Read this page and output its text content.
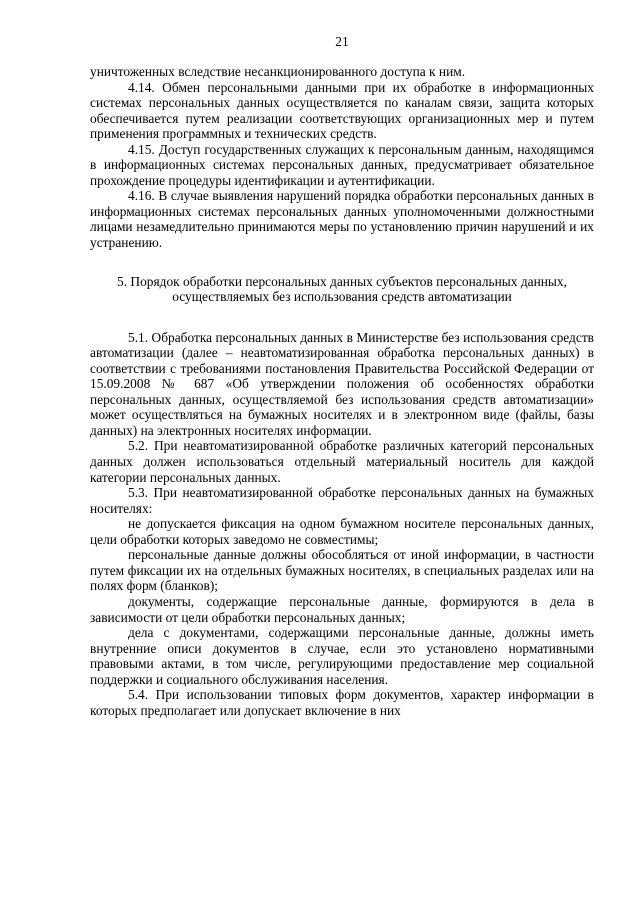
21

уничтоженных вследствие несанкционированного доступа к ним.

4.14. Обмен персональными данными при их обработке в информационных системах персональных данных осуществляется по каналам связи, защита которых обеспечивается путем реализации соответствующих организационных мер и путем применения программных и технических средств.

4.15. Доступ государственных служащих к персональным данным, находящимся в информационных системах персональных данных, предусматривает обязательное прохождение процедуры идентификации и аутентификации.

4.16. В случае выявления нарушений порядка обработки персональных данных в информационных системах персональных данных уполномоченными должностными лицами незамедлительно принимаются меры по установлению причин нарушений и их устранению.

5. Порядок обработки персональных данных субъектов персональных данных, осуществляемых без использования средств автоматизации

5.1. Обработка персональных данных в Министерстве без использования средств автоматизации (далее – неавтоматизированная обработка персональных данных) в соответствии с требованиями постановления Правительства Российской Федерации от 15.09.2008 № 687 «Об утверждении положения об особенностях обработки персональных данных, осуществляемой без использования средств автоматизации» может осуществляться на бумажных носителях и в электронном виде (файлы, базы данных) на электронных носителях информации.

5.2. При неавтоматизированной обработке различных категорий персональных данных должен использоваться отдельный материальный носитель для каждой категории персональных данных.

5.3. При неавтоматизированной обработке персональных данных на бумажных носителях:

не допускается фиксация на одном бумажном носителе персональных данных, цели обработки которых заведомо не совместимы;

персональные данные должны обособляться от иной информации, в частности путем фиксации их на отдельных бумажных носителях, в специальных разделах или на полях форм (бланков);

документы, содержащие персональные данные, формируются в дела в зависимости от цели обработки персональных данных;

дела с документами, содержащими персональные данные, должны иметь внутренние описи документов в случае, если это установлено нормативными правовыми актами, в том числе, регулирующими предоставление мер социальной поддержки и социального обслуживания населения.

5.4. При использовании типовых форм документов, характер информации в которых предполагает или допускает включение в них
